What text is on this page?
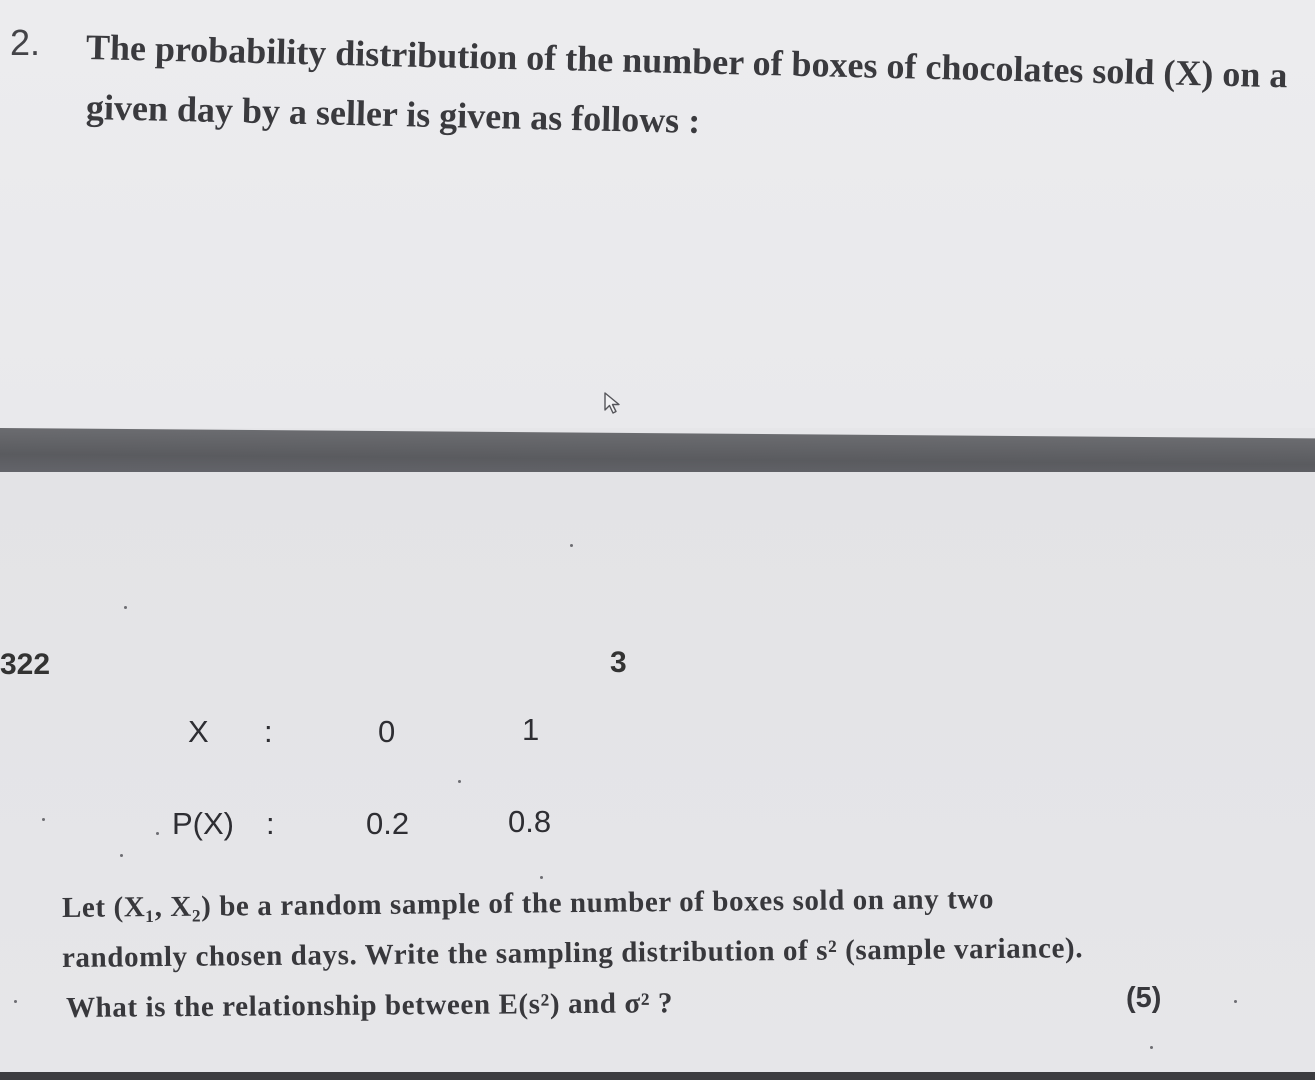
2. The probability distribution of the number of boxes of chocolates sold (X) on a
given day by a seller is given as follows :
322	3
X :	0	1
P(X) :	0.2	0.8
Let (X₁, X₂) be a random sample of the number of boxes sold on any two
randomly chosen days. Write the sampling distribution of s² (sample variance).
What is the relationship between E(s²) and σ² ?	(5)
